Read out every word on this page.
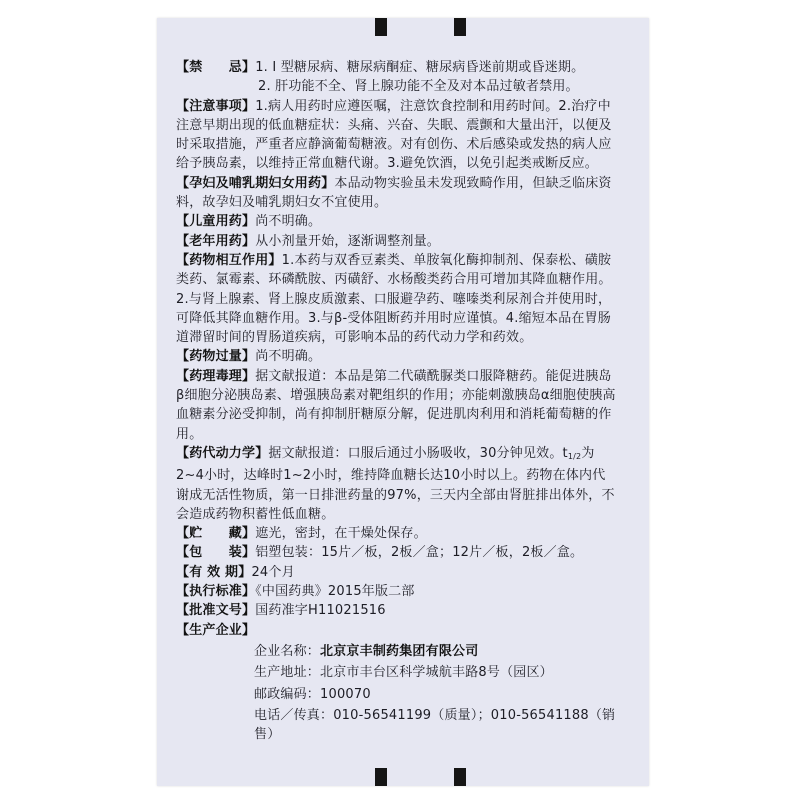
【禁　　忌】1. I 型糖尿病、糖尿病酮症、糖尿病昏迷前期或昏迷期。

2. 肝功能不全、肾上腺功能不全及对本品过敏者禁用。

【注意事项】1.病人用药时应遵医嘱，注意饮食控制和用药时间。2.治疗中注意早期出现的低血糖症状：头痛、兴奋、失眠、震颤和大量出汗，以便及时采取措施，严重者应静滴葡萄糖液。对有创伤、术后感染或发热的病人应给予胰岛素，以维持正常血糖代谢。3.避免饮酒，以免引起类戒断反应。

【孕妇及哺乳期妇女用药】本品动物实验虽未发现致畸作用，但缺乏临床资料，故孕妇及哺乳期妇女不宜使用。

【儿童用药】尚不明确。

【老年用药】从小剂量开始，逐渐调整剂量。

【药物相互作用】1.本药与双香豆素类、单胺氧化酶抑制剂、保泰松、磺胺类药、氯霉素、环磷酰胺、丙磺舒、水杨酸类药合用可增加其降血糖作用。2.与肾上腺素、肾上腺皮质激素、口服避孕药、噻嗪类利尿剂合并使用时，可降低其降血糖作用。3.与β-受体阻断药并用时应谨慎。4.缩短本品在胃肠道滞留时间的胃肠道疾病，可影响本品的药代动力学和药效。

【药物过量】尚不明确。

【药理毒理】据文献报道：本品是第二代磺酰脲类口服降糖药。能促进胰岛β细胞分泌胰岛素、增强胰岛素对靶组织的作用；亦能刺激胰岛α细胞使胰高血糖素分泌受抑制，尚有抑制肝糖原分解，促进肌肉利用和消耗葡萄糖的作用。

【药代动力学】据文献报道：口服后通过小肠吸收，30分钟见效。$t_{1/2}$为2~4小时，达峰时1~2小时，维持降血糖长达10小时以上。药物在体内代谢成无活性物质，第一日排泄药量的97%，三天内全部由肾脏排出体外，不会造成药物积蓄性低血糖。

【贮　　藏】遮光，密封，在干燥处保存。

【包　　装】铝塑包装：15片／板，2板／盒；12片／板，2板／盒。

【有 效 期】24个月

【执行标准】《中国药典》2015年版二部

【批准文号】国药准字H11021516

【生产企业】

企业名称：北京京丰制药集团有限公司

生产地址：北京市丰台区科学城航丰路8号（园区）

邮政编码：100070

电话／传真：010-56541199（质量）；010-56541188（销售）
